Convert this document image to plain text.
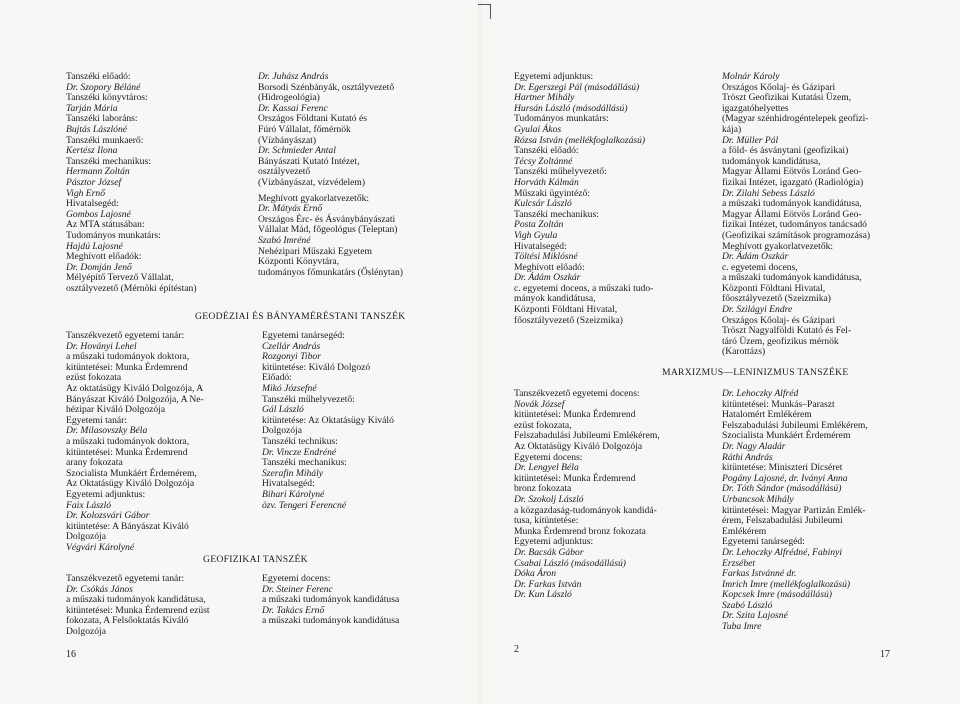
Tanszéki előadó:
Dr. Szopory Béláné
Tanszéki könyvtáros:
Tarján Mária
Tanszéki laboráns:
Bujtás Lászlóné
Tanszéki munkaerő:
Kertész Ilona
Tanszéki mechanikus:
Hermann Zoltán
Pásztor József
Vigh Ernő
Hivatalsegéd:
Gombos Lajosné
Az MTA státusában:
Tudományos munkatárs:
Hajdú Lajosné
Meghívott előadók:
Dr. Domján Jenő
Mélyépítő Tervező Vállalat,
osztályvezető (Mérnöki építéstan)
Dr. Juhász András
Borsodi Szénbányák, osztályvezető
(Hidrogeológia)
Dr. Kassai Ferenc
Országos Földtani Kutató és
Fúró Vállalat, főmérnök
(Vízbányászat)
Dr. Schmieder Antal
Bányászati Kutató Intézet,
osztályvezető
(Vízbányászat, vízvédelem)
Meghívott gyakorlatvezetők:
Dr. Mátyás Ernő
Országos Érc- és Ásványbányászati
Vállalat Mád, főgeológus (Teleptan)
Szabó Imréné
Nehézipari Műszaki Egyetem
Központi Könyvtára,
tudományos főmunkatárs (Őslénytan)
GEODÉZIAI ÉS BÁNYAMÉRÉSTANI TANSZÉK
Tanszékvezető egyetemi tanár:
Dr. Hoványi Lehel
a műszaki tudományok doktora,
kitüntetései: Munka Érdemrend
ezüst fokozata
Az oktatásügy Kiváló Dolgozója, A
Bányászat Kiváló Dolgozója, A Ne-
hézipar Kiváló Dolgozója
Egyetemi tanár:
Dr. Milasovszky Béla
a műszaki tudományok doktora,
kitüntetései: Munka Érdemrend
arany fokozata
Szocialista Munkáért Érdemérem,
Az Oktatásügy Kiváló Dolgozója
Egyetemi adjunktus:
Faix László
Dr. Kolozsvári Gábor
kitüntetése: A Bányászat Kiváló
Dolgozója
Végvári Károlyné
Egyetemi tanársegéd:
Czellár András
Rozgonyi Tibor
kitüntetése: Kiváló Dolgozó
Előadó:
Mikó Józsefné
Tanszéki műhelyvezető:
Gál László
kitüntetése: Az Oktatásügy Kiváló
Dolgozója
Tanszéki technikus:
Dr. Vincze Endréné
Tanszéki mechanikus:
Szerafin Mihály
Hivatalsegéd:
Bihari Károlyné
özv. Tengeri Ferencné
GEOFIZIKAI TANSZÉK
Tanszékvezető egyetemi tanár:
Dr. Csókás János
a műszaki tudományok kandidátusa,
kitüntetései: Munka Érdemrend ezüst
fokozata, A Felsőoktatás Kiváló
Dolgozója
Egyetemi docens:
Dr. Steiner Ferenc
a műszaki tudományok kandidátusa
Dr. Takács Ernő
a műszaki tudományok kandidátusa
16
Egyetemi adjunktus:
Dr. Egerszegi Pál (másodállású)
Hartner Mihály
Hursán László (másodállású)
Tudományos munkatárs:
Gyulai Ákos
Rózsa István (mellékfoglalkozású)
Tanszéki előadó:
Técsy Zoltánné
Tanszéki műhelyvezető:
Horváth Kálmán
Műszaki ügyintéző:
Kulcsár László
Tanszéki mechanikus:
Posta Zoltán
Vigh Gyula
Hivatalsegéd:
Töltési Miklósné
Meghívott előadó:
Dr. Ádám Oszkár
c. egyetemi docens, a műszaki tudo-
mányok kandidátusa,
Központi Földtani Hivatal,
főosztályvezető (Szeizmika)
Molnár Károly
Országos Kőolaj- és Gázipari
Tröszt Geofizikai Kutatási Üzem,
igazgatóhelyettes
(Magyar szénhidrogéntelepek geofizi-
kája)
Dr. Müller Pál
a föld- és ásványtani (geofizikai)
tudományok kandidátusa,
Magyar Állami Eötvös Loránd Geo-
fizikai Intézet, igazgató (Radiológia)
Dr. Zilahi Sebess László
a műszaki tudományok kandidátusa,
Magyar Állami Eötvös Loránd Geo-
fizikai Intézet, tudományos tanácsadó
(Geofizikai számítások programozása)
Meghívott gyakorlatvezetők:
Dr. Ádám Oszkár
c. egyetemi docens,
a műszaki tudományok kandidátusa,
Központi Földtani Hivatal,
főosztályvezető (Szeizmika)
Dr. Szilágyi Endre
Országos Kőolaj- és Gázipari
Tröszt Nagyalföldi Kutató és Fel-
táró Üzem, geofizikus mérnök
(Karottázs)
MARXIZMUS—LENINIZMUS TANSZÉKE
Tanszékvezető egyetemi docens:
Novák József
kitüntetései: Munka Érdemrend
ezüst fokozata,
Felszabadulási Jubileumi Emlékérem,
Az Oktatásügy Kiváló Dolgozója
Egyetemi docens:
Dr. Lengyel Béla
kitüntetései: Munka Érdemrend
bronz fokozata
Dr. Szokolj László
a közgazdaság-tudományok kandidá-
tusa, kitüntetése:
Munka Érdemrend bronz fokozata
Egyetemi adjunktus:
Dr. Bacsák Gábor
Csabai László (másodállású)
Dóka Áron
Dr. Farkas István
Dr. Kun László
Dr. Lehoczky Alfréd
kitüntetései: Munkás–Paraszt
Hatalomért Emlékérem
Felszabadulási Jubileumi Emlékérem,
Szocialista Munkáért Érdemérem
Dr. Nagy Aladár
Ráthi András
kitüntetése: Miniszteri Dicséret
Pogány Lajosné, dr. Iványi Anna
Dr. Tóth Sándor (másodállású)
Urbancsok Mihály
kitüntetései: Magyar Partizán Emlék-
érem, Felszabadulási Jubileumi
Emlékérem
Egyetemi tanársegéd:
Dr. Lehoczky Alfrédné, Fabinyi
Erzsébet
Farkas Istvánné dr.
Imrich Imre (mellékfoglalkozású)
Kopcsek Imre (másodállású)
Szabó László
Dr. Szita Lajosné
Tuba Imre
2	17
